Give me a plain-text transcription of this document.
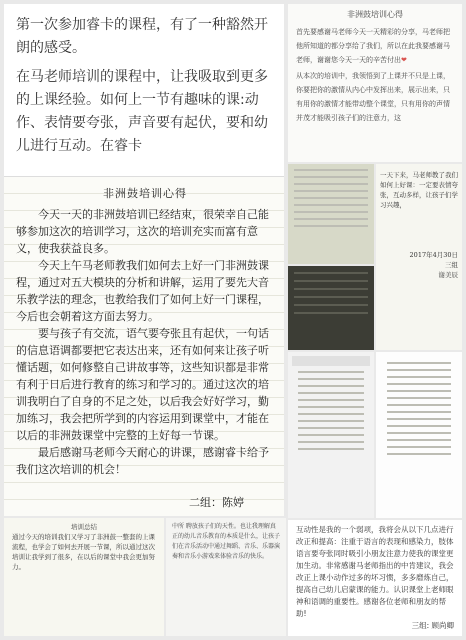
第一次参加睿卡的课程，有了一种豁然开朗的感受。

在马老师培训的课程中，让我吸取到更多的上课经验。如何上一节有趣味的课:动作、表情要夸张，声音要有起伏，要和幼儿进行互动。在睿卡

非洲鼓培训心得

今天一天的非洲鼓培训已经结束，很荣幸自己能够参加这次的培训学习，这次的培训充实而富有意义，使我获益良多。

今天上午马老师教我们如何去上好一门非洲鼓课程，通过对五大模块的分析和讲解，运用了要先大音乐教学法的理念，也教给我们了如何上好一门课程，今后也会朝着这方面去努力。

要与孩子有交流，语气要夸张且有起伏，一句话的信息语调都要把它表达出来，还有如何来让孩子听懂话题，如何修整自己讲故事等，这些知识都是非常有利于日后进行教育的练习和学习的。通过这次的培训我明白了自身的不足之处，以后我会好好学习，勤加练习，我会把所学到的内容运用到课堂中，才能在以后的非洲鼓课堂中完整的上好每一节课。

最后感谢马老师今天耐心的讲课，感谢睿卡给予我们这次培训的机会！

二组：陈婷
非洲鼓培训心得

首先要感谢马老师今天一天精彩的分享，马老师把他所知道的都分享给了我们，所以在此我要感谢马老师，谢谢您今天一天的辛苦付出❤

从本次的培训中，我领悟到了上课并不只是上课，你要把你的激情从内心中发挥出来，展示出来，只有用你的激情才能带动整个课堂，只有用你的声情并茂才能吸引孩子们的注意力，这

一天下来，马老师教了我们如何上好课：一定要表情夸张，互动多样，让孩子们学习兴趣，
2017年4月30日
三组
谢美辰
培训总结
通过今天的培训我们又学习了非洲鼓一整套的上课流程，也学会了如何去开展一节课，所以通过这次培训让我学到了很多，在以后的课堂中我会更加努力。
中所 聘放孩子们的天性。也让我理解真正的幼儿音乐教育的本质是什么，让孩子们在音乐活动中通过舞蹈、音乐、乐器演奏和音乐小游戏来体验音乐的快乐。
互动性是我的一个弱项，我将会从以下几点进行改正和提高：注重于语言的表现和感染力，肢体语言要夸张同时吸引小朋友注意力使我的课堂更加生动。非常感谢马老师指出的中肯建议，我会改正上课小动作过多的坏习惯，多多磨炼自己，提高自己幼儿启蒙课的能力。认识课堂上老师眼神和语调的重要性。感谢各位老师和朋友的帮助!
三组: 顾尚卿
